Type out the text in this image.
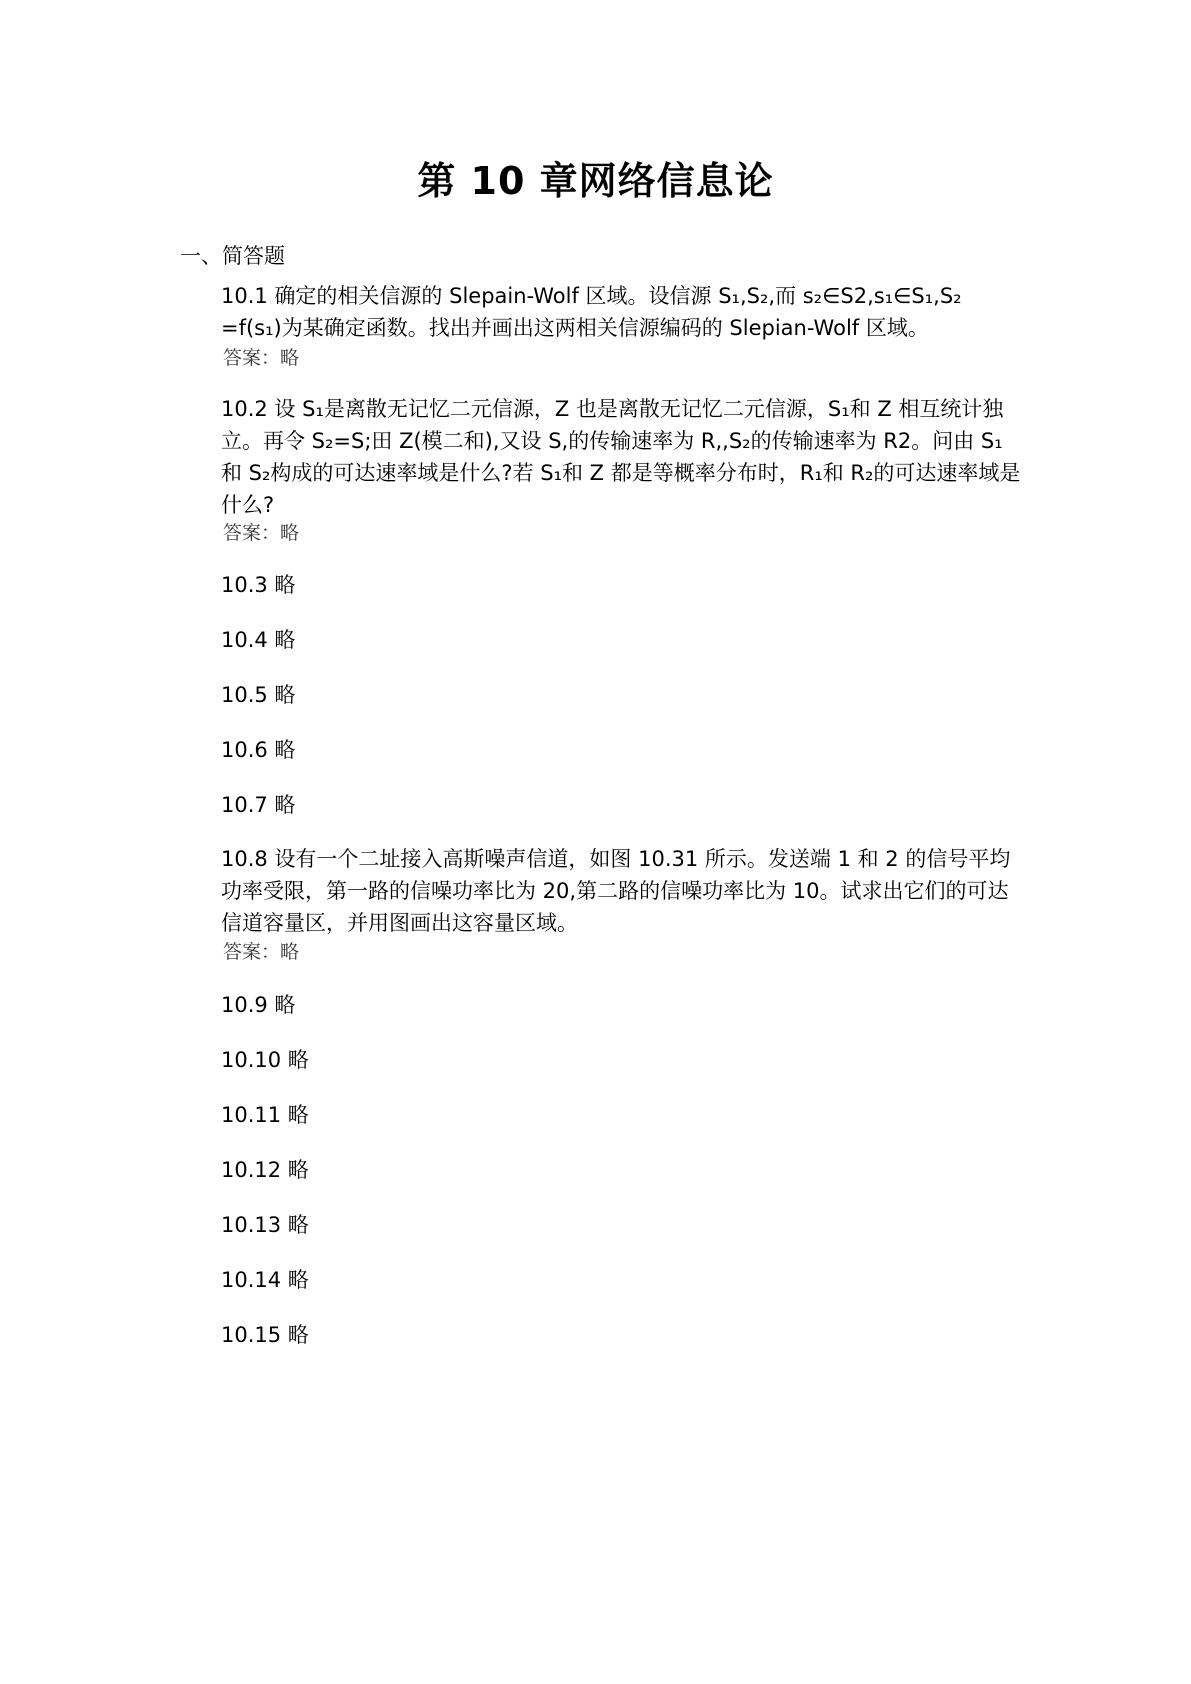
第 10 章网络信息论
一、简答题

10.1 确定的相关信源的 Slepain-Wolf 区域。设信源 S₁,S₂,而 s₂∈S2,s₁∈S₁,S₂ =f(s₁)为某确定函数。找出并画出这两相关信源编码的 Slepian-Wolf 区域。

答案：略

10.2 设 S₁是离散无记忆二元信源，Z 也是离散无记忆二元信源，S₁和 Z 相互统计独立。再令 S₂=S;田 Z(模二和),又设 S,的传输速率为 R,,S₂的传输速率为 R2。问由 S₁和 S₂构成的可达速率域是什么?若 S₁和 Z 都是等概率分布时，R₁和 R₂的可达速率域是什么?

答案：略
10.3 略
10.4 略
10.5 略
10.6 略
10.7 略

10.8 设有一个二址接入高斯噪声信道，如图 10.31 所示。发送端 1 和 2 的信号平均功率受限，第一路的信噪功率比为 20,第二路的信噪功率比为 10。试求出它们的可达信道容量区，并用图画出这容量区域。

答案：略
10.9 略
10.10 略
10.11 略
10.12 略
10.13 略
10.14 略
10.15 略
